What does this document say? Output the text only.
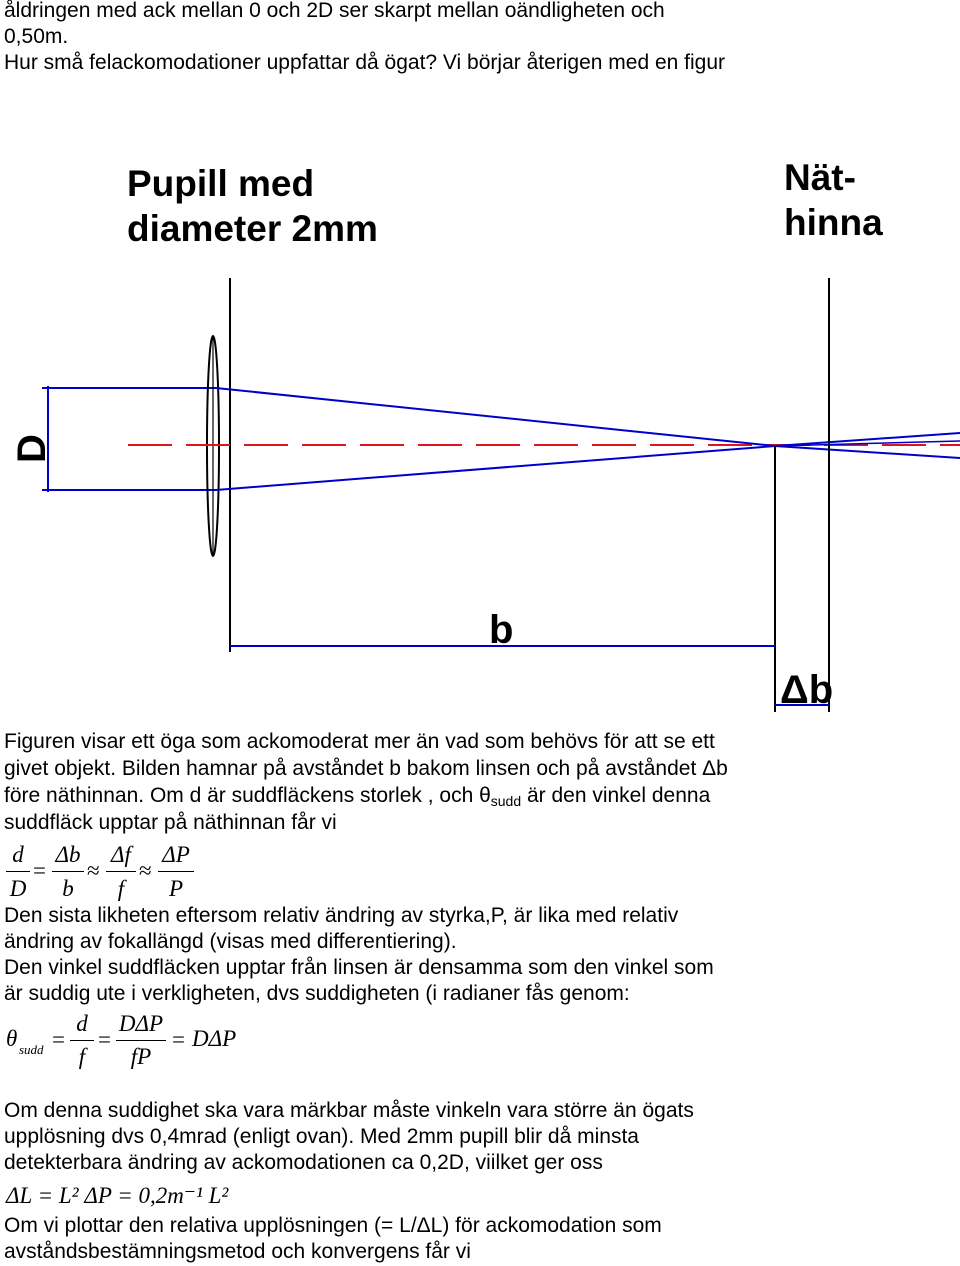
åldringen med ack mellan 0 och 2D ser skarpt mellan oändligheten och
0,50m.
Hur små felackomodationer uppfattar då ögat? Vi börjar återigen med en figur
Pupill med
diameter 2mm
Nät-
hinna
D
b
Δb
Figuren visar ett öga som ackomoderat mer än vad som behövs för att se ett
givet objekt. Bilden hamnar på avståndet b bakom linsen och på avståndet Δb
före näthinnan. Om d är suddfläckens storlek , och $\theta_{sudd}$ är den vinkel denna
suddfläck upptar på näthinnan får vi
d
D
=
Δb
b
≈
Δf
f
≈
ΔP
P
Den sista likheten eftersom relativ ändring av styrka,P, är lika med relativ
ändring av fokallängd (visas med differentiering).
Den vinkel suddfläcken upptar från linsen är densamma som den vinkel som
är suddig ute i verkligheten, dvs suddigheten (i radianer fås genom:
θ sudd =
d
f
=
DΔP
fP
= DΔP
Om denna suddighet ska vara märkbar måste vinkeln vara större än ögats
upplösning dvs 0,4mrad (enligt ovan). Med 2mm pupill blir då minsta
detekterbara ändring av ackomodationen ca 0,2D, viilket ger oss
ΔL = L² ΔP = 0,2m⁻¹ L²
Om vi plottar den relativa upplösningen (= L/ΔL) för ackomodation som
avståndsbestämningsmetod och konvergens får vi
